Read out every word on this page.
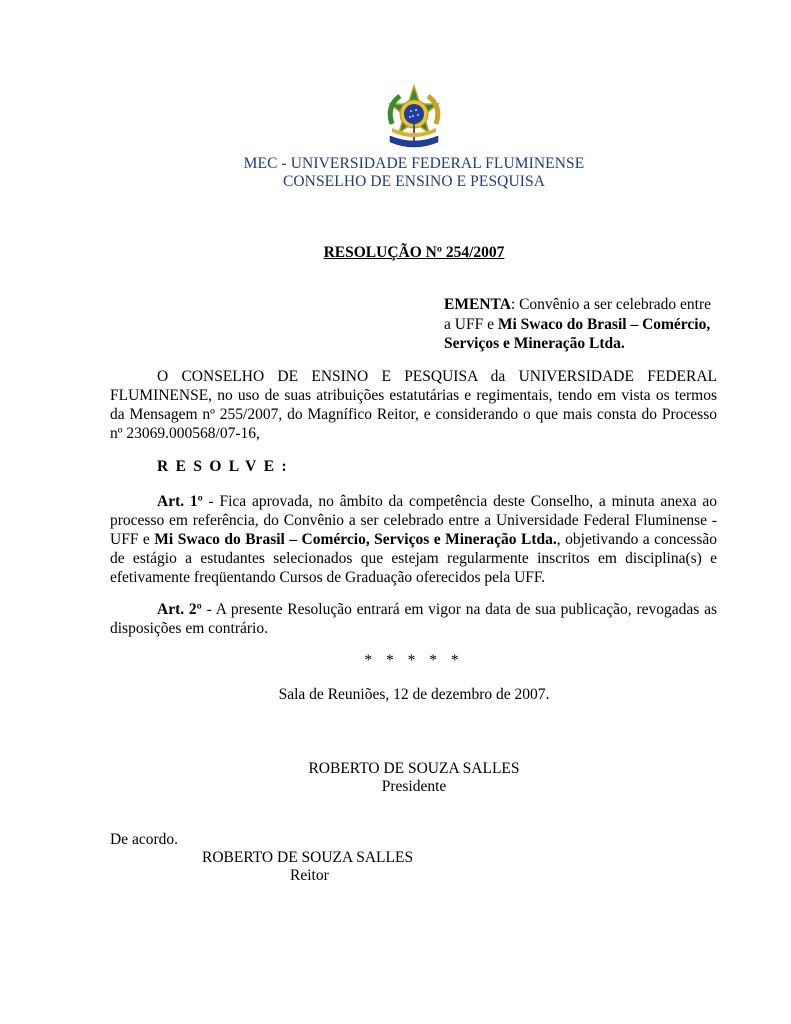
MEC - UNIVERSIDADE FEDERAL FLUMINENSE
CONSELHO DE ENSINO E PESQUISA
RESOLUÇÃO Nº 254/2007
EMENTA: Convênio a ser celebrado entre a UFF e Mi Swaco do Brasil – Comércio, Serviços e Mineração Ltda.
O CONSELHO DE ENSINO E PESQUISA da UNIVERSIDADE FEDERAL FLUMINENSE, no uso de suas atribuições estatutárias e regimentais, tendo em vista os termos da Mensagem nº 255/2007, do Magnífico Reitor, e considerando o que mais consta do Processo nº 23069.000568/07-16,
RESOLVE:
Art. 1º - Fica aprovada, no âmbito da competência deste Conselho, a minuta anexa ao processo em referência, do Convênio a ser celebrado entre a Universidade Federal Fluminense - UFF e Mi Swaco do Brasil – Comércio, Serviços e Mineração Ltda., objetivando a concessão de estágio a estudantes selecionados que estejam regularmente inscritos em disciplina(s) e efetivamente freqüentando Cursos de Graduação oferecidos pela UFF.
Art. 2º - A presente Resolução entrará em vigor na data de sua publicação, revogadas as disposições em contrário.
* * * * *
Sala de Reuniões, 12 de dezembro de 2007.
ROBERTO DE SOUZA SALLES
Presidente
De acordo.
ROBERTO DE SOUZA SALLES
Reitor
